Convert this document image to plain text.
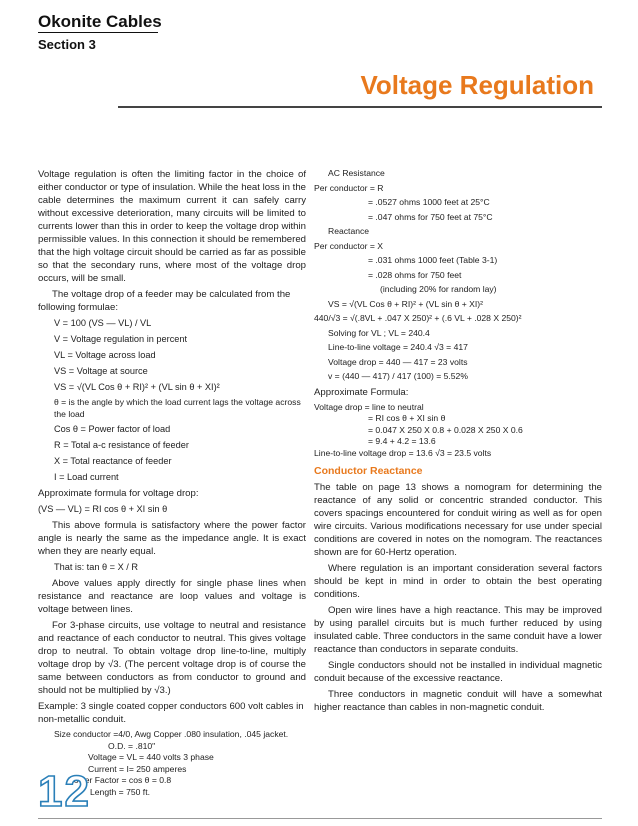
Okonite Cables
Section 3
Voltage Regulation

Voltage regulation is often the limiting factor in the choice of either conductor or type of insulation. While the heat loss in the cable determines the maximum current it can safely carry without excessive deterioration, many circuits will be limited to currents lower than this in order to keep the voltage drop within permissible values. In this connection it should be remembered that the high voltage circuit should be carried as far as possible so that the secondary runs, where most of the voltage drop occurs, will be small.

The voltage drop of a feeder may be calculated from the following formulae:

V = 100 (VS — VL) / VL

V = Voltage regulation in percent

VL = Voltage across load

VS = Voltage at source

VS = √(VL Cos θ + RI)² + (VL sin θ + XI)²

θ = is the angle by which the load current lags the voltage across the load

Cos θ = Power factor of load

R = Total a-c resistance of feeder

X = Total reactance of feeder

I = Load current

Approximate formula for voltage drop:

(VS — VL) = RI cos θ + XI sin θ

This above formula is satisfactory where the power factor angle is nearly the same as the impedance angle. It is exact when they are nearly equal.

That is: tan θ = X / R

Above values apply directly for single phase lines when resistance and reactance are loop values and voltage is voltage between lines.

For 3-phase circuits, use voltage to neutral and resistance and reactance of each conductor to neutral. This gives voltage drop to neutral. To obtain voltage drop line-to-line, multiply voltage drop by √3. (The percent voltage drop is of course the same between conductors as from conductor to ground and should not be multiplied by √3.)

Example: 3 single coated copper conductors 600 volt cables in non-metallic conduit.

Size conductor =4/0, Awg Copper .080 insulation, .045 jacket.
O.D. = .810"
Voltage = VL = 440 volts 3 phase
Current = I= 250 amperes
Power Factor = cos θ = 0.8
Length = 750 ft.

AC Resistance

Per conductor = R

= .0527 ohms 1000 feet at 25°C

= .047 ohms for 750 feet at 75°C

Reactance

Per conductor = X

= .031 ohms 1000 feet (Table 3-1)

= .028 ohms for 750 feet

(including 20% for random lay)

VS = √(VL Cos θ + RI)² + (VL sin θ + XI)²

440/√3 = √(.8VL + .047 X 250)² + (.6 VL + .028 X 250)²

Solving for VL ; VL = 240.4

Line-to-line voltage = 240.4 √3 = 417

Voltage drop = 440 — 417 = 23 volts

v = (440 — 417) / 417 (100) = 5.52%

Approximate Formula:

Voltage drop = line to neutral
= RI cos θ + XI sin θ
= 0.047 X 250 X 0.8 + 0.028 X 250 X 0.6
= 9.4 + 4.2 = 13.6
Line-to-line voltage drop = 13.6 √3 = 23.5 volts
Conductor Reactance

The table on page 13 shows a nomogram for determining the reactance of any solid or concentric stranded conductor. This covers spacings encountered for conduit wiring as well as for open wire circuits. Various modifications necessary for use under special conditions are covered in notes on the nomogram. The reactances shown are for 60-Hertz operation.

Where regulation is an important consideration several factors should be kept in mind in order to obtain the best operating conditions.

Open wire lines have a high reactance. This may be improved by using parallel circuits but is much further reduced by using insulated cable. Three conductors in the same conduit have a lower reactance than conductors in separate conduits.

Single conductors should not be installed in individual magnetic conduit because of the excessive reactance.

Three conductors in magnetic conduit will have a somewhat higher reactance than cables in non-magnetic conduit.

12
